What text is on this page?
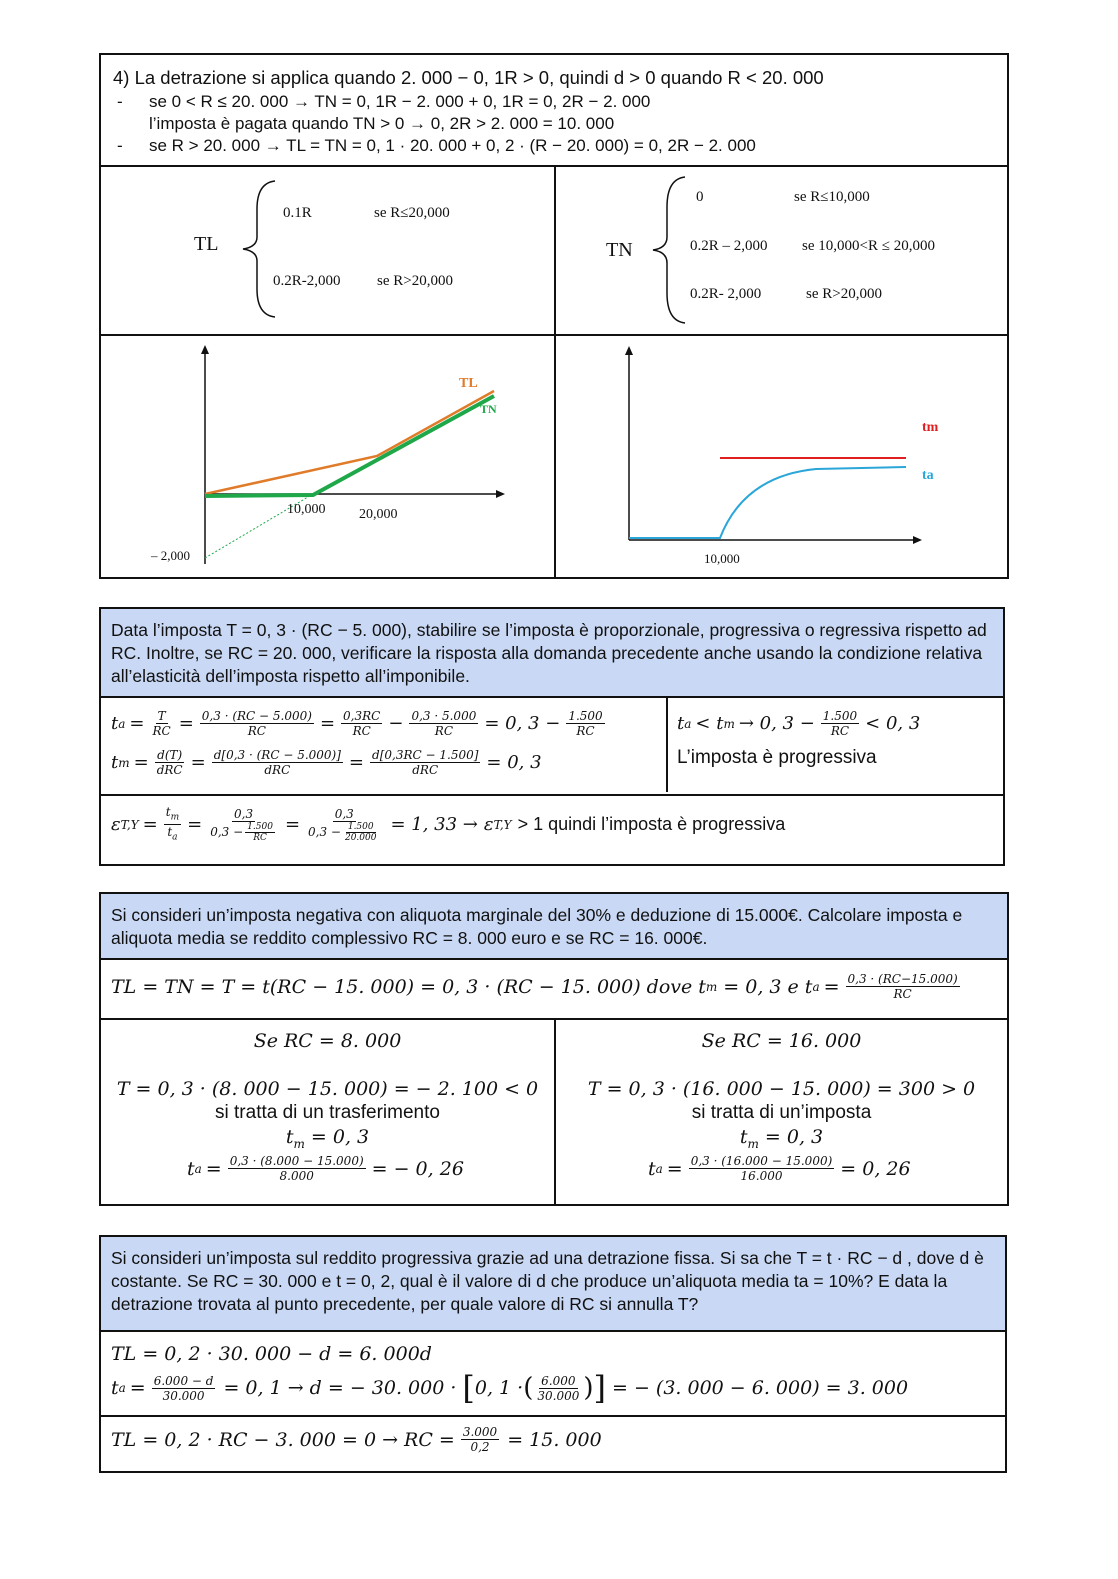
4) La detrazione si applica quando 2. 000 − 0, 1R > 0, quindi d > 0 quando R < 20. 000
- se 0 < R ≤ 20. 000 → TN = 0, 1R − 2. 000 + 0, 1R = 0, 2R − 2. 000
l’imposta è pagata quando TN > 0 → 0, 2R > 2. 000 = 10. 000
- se R > 20. 000 → TL = TN = 0, 1 · 20. 000 + 0, 2 · (R − 20. 000) = 0, 2R − 2. 000
TL
0.1R	se R≤20,000
0.2R-2,000 se R>20,000
TN
0	se R≤10,000
0.2R – 2,000 se 10,000<R ≤ 20,000
0.2R- 2,000	se R>20,000
TL
TN
10,000 20,000
– 2,000
tm
ta
10,000
Data l’imposta T = 0, 3 · (RC − 5. 000), stabilire se l’imposta è proporzionale, progressiva o regressiva rispetto ad RC. Inoltre, se RC = 20. 000, verificare la risposta alla domanda precedente anche usando la condizione relativa all’elasticità dell’imposta rispetto all’imponibile.
t $a = \frac{T}{RC} = \frac{0,3 \cdot (RC - 5.000)}{RC} = \frac{0,3RC}{RC} - \frac{0,3 \cdot 5.000}{RC} = 0$, $3 - \frac{1.500}{RC}$
t $m = \frac{d(T)}{\text{dRC}} = \frac{d[0,3 \cdot (RC - 5.000)]}{\text{dRC}} = \frac{d[0,3RC - 1.500]}{\text{dRC}} = 0$, 3
t a < t m → 0, $3 - \frac{1.500}{RC} < 0$, 3
L’imposta è progressiva
ε $T,Y = \frac{t_m}{t_a} = \frac{0,3}{0,3 - \frac{1.500}{RC}} = \frac{0,3}{0,3 - \frac{1.500}{20.000}} = 1$, 33 → ε T,Y > 1 quindi l’imposta è progressiva
Si consideri un’imposta negativa con aliquota marginale del 30% e deduzione di 15.000€. Calcolare imposta e aliquota media se reddito complessivo RC = 8. 000 euro e se RC = 16. 000€.
TL = TN = T = t(RC − 15. 000) = 0, 3 · (RC − 15. 000) dove t m = 0, 3 e t $a = \frac{0,3 \cdot (RC-15.000)}{RC}$
Se RC = 8. 000
T = 0, 3 · (8. 000 − 15. 000) = − 2. 100 < 0
si tratta di un trasferimento
$t_m = 0$, 3
t $a = \frac{0,3 \cdot (8.000 - 15.000)}{8.000}$ = − 0, 26
Se RC = 16. 000
T = 0, 3 · (16. 000 − 15. 000) = 300 > 0
si tratta di un’imposta
$t_m = 0$, 3
t $a = \frac{0,3 \cdot (16.000 - 15.000)}{16.000} = 0$, 26
Si consideri un’imposta sul reddito progressiva grazie ad una detrazione fissa. Si sa che T = t · RC − d , dove d è costante. Se RC = 30. 000 e t = 0, 2, qual è il valore di d che produce un’aliquota media ta = 10%? E data la detrazione trovata al punto precedente, per quale valore di RC si annulla T?
TL = 0, 2 · 30. 000 − d = 6. 000d
t $a = \frac{6.000 - d}{30.000} = 0$, 1 → d = − 30. 000 · [ 0, 1 · ( $\frac{6.000}{30.000}$ ) ] = − (3. 000 − 6. 000) = 3. 000
TL = 0, 2 · RC − 3. 000 = 0 → RC = $\frac{3.000}{0,2} = 15$. 000
